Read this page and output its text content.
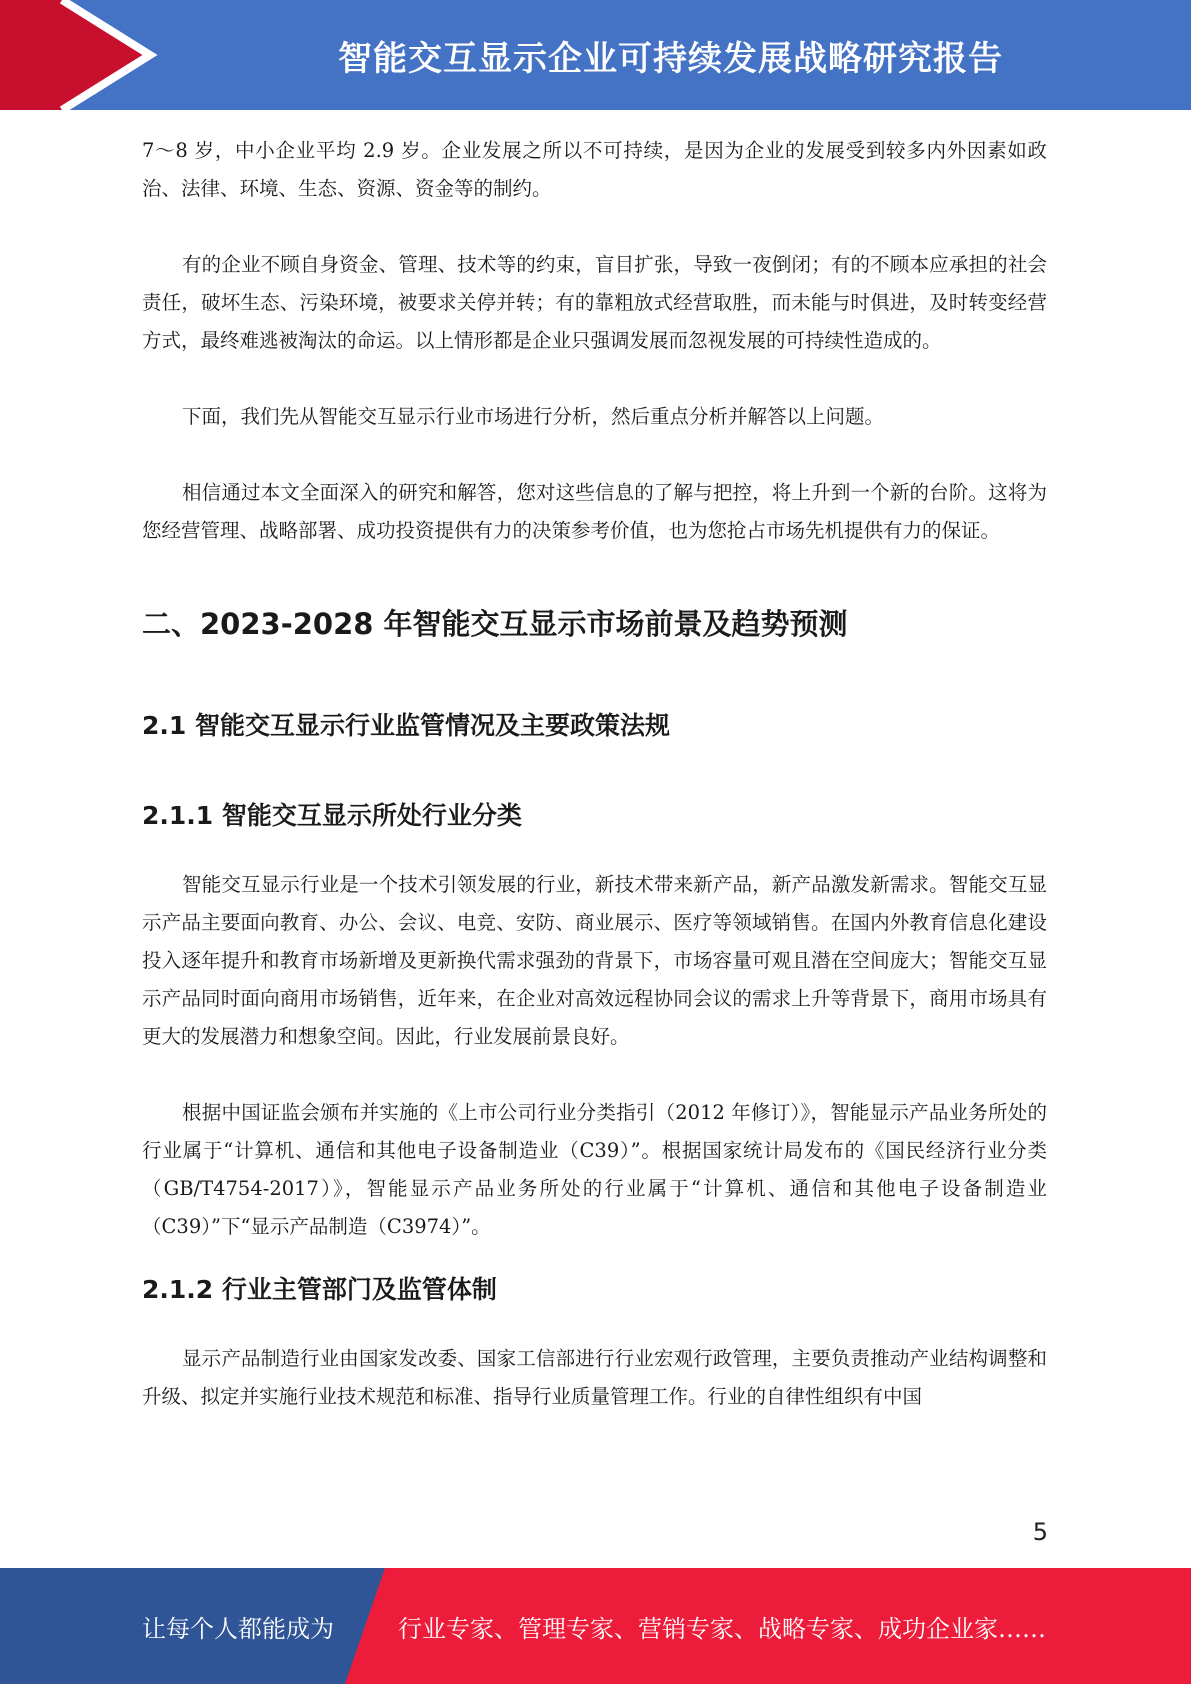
智能交互显示企业可持续发展战略研究报告

7～8 岁，中小企业平均 2.9 岁。企业发展之所以不可持续，是因为企业的发展受到较多内外因素如政治、法律、环境、生态、资源、资金等的制约。

有的企业不顾自身资金、管理、技术等的约束，盲目扩张，导致一夜倒闭；有的不顾本应承担的社会责任，破坏生态、污染环境，被要求关停并转；有的靠粗放式经营取胜，而未能与时俱进，及时转变经营方式，最终难逃被淘汰的命运。以上情形都是企业只强调发展而忽视发展的可持续性造成的。

下面，我们先从智能交互显示行业市场进行分析，然后重点分析并解答以上问题。

相信通过本文全面深入的研究和解答，您对这些信息的了解与把控，将上升到一个新的台阶。这将为您经营管理、战略部署、成功投资提供有力的决策参考价值，也为您抢占市场先机提供有力的保证。

二、2023-2028 年智能交互显示市场前景及趋势预测
2.1 智能交互显示行业监管情况及主要政策法规
2.1.1 智能交互显示所处行业分类

智能交互显示行业是一个技术引领发展的行业，新技术带来新产品，新产品激发新需求。智能交互显示产品主要面向教育、办公、会议、电竞、安防、商业展示、医疗等领域销售。在国内外教育信息化建设投入逐年提升和教育市场新增及更新换代需求强劲的背景下，市场容量可观且潜在空间庞大；智能交互显示产品同时面向商用市场销售，近年来，在企业对高效远程协同会议的需求上升等背景下，商用市场具有更大的发展潜力和想象空间。因此，行业发展前景良好。

根据中国证监会颁布并实施的《上市公司行业分类指引（2012 年修订）》，智能显示产品业务所处的行业属于“计算机、通信和其他电子设备制造业（C39）”。根据国家统计局发布的《国民经济行业分类（GB/T4754-2017）》，智能显示产品业务所处的行业属于“计算机、通信和其他电子设备制造业（C39）”下“显示产品制造（C3974）”。

2.1.2 行业主管部门及监管体制

显示产品制造行业由国家发改委、国家工信部进行行业宏观行政管理，主要负责推动产业结构调整和升级、拟定并实施行业技术规范和标准、指导行业质量管理工作。行业的自律性组织有中国

5
让每个人都能成为	行业专家、管理专家、营销专家、战略专家、成功企业家……
